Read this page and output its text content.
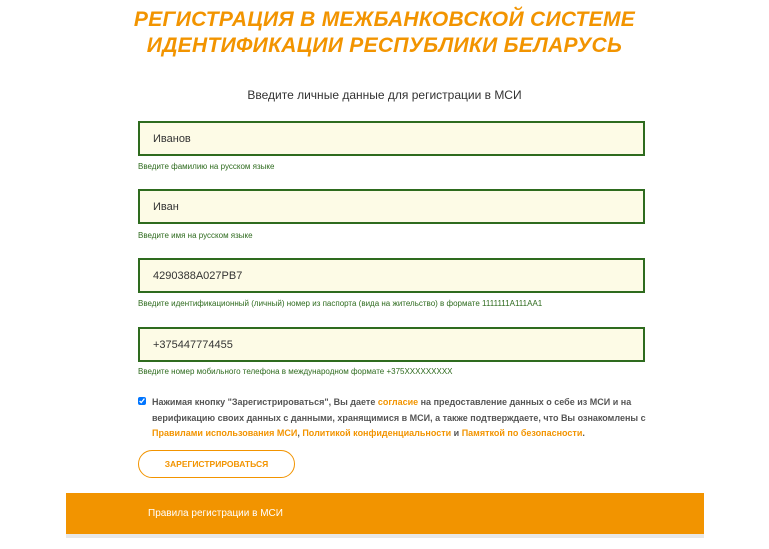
РЕГИСТРАЦИЯ В МЕЖБАНКОВСКОЙ СИСТЕМЕ
ИДЕНТИФИКАЦИИ РЕСПУБЛИКИ БЕЛАРУСЬ
Введите личные данные для регистрации в МСИ
Иванов
Введите фамилию на русском языке
Иван
Введите имя на русском языке
4290388A027PB7
Введите идентификационный (личный) номер из паспорта (вида на жительство) в формате 1111111A111AA1
+375447774455
Введите номер мобильного телефона в международном формате +375XXXXXXXXX
Нажимая кнопку "Зарегистрироваться", Вы даете согласие на предоставление данных о себе из МСИ и на верификацию своих данных с данными, хранящимися в МСИ, а также подтверждаете, что Вы ознакомлены с Правилами использования МСИ, Политикой конфиденциальности и Памяткой по безопасности.
ЗАРЕГИСТРИРОВАТЬСЯ
Правила регистрации в МСИ
